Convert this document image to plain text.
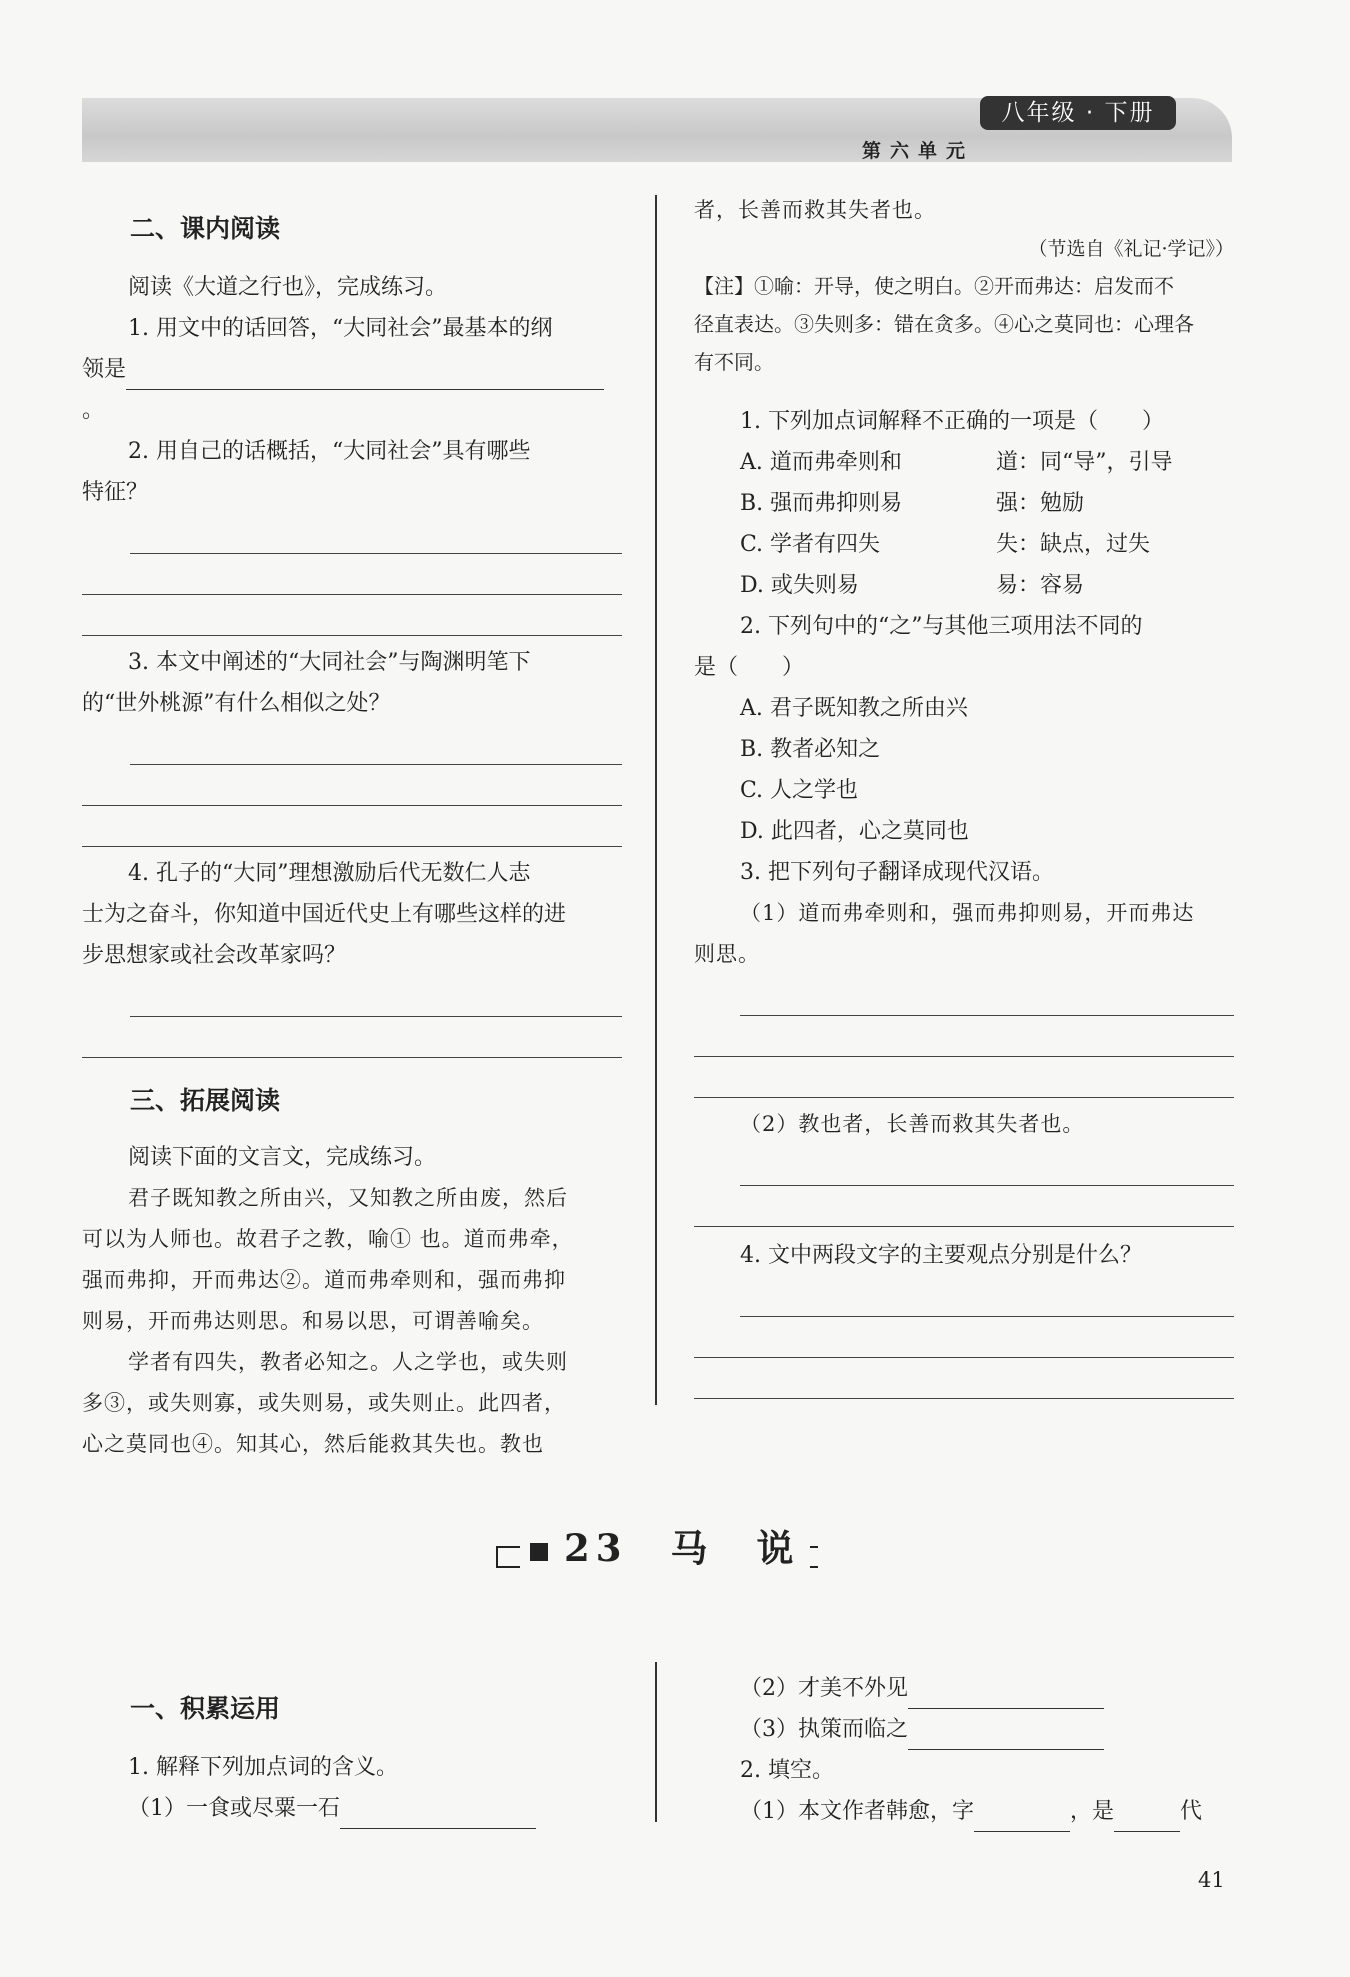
八年级 · 下册
第六单元

二、课内阅读

阅读《大道之行也》，完成练习。

1. 用文中的话回答，“大同社会”最基本的纲

领是。

2. 用自己的话概括，“大同社会”具有哪些

特征？

3. 本文中阐述的“大同社会”与陶渊明笔下

的“世外桃源”有什么相似之处？

4. 孔子的“大同”理想激励后代无数仁人志

士为之奋斗，你知道中国近代史上有哪些这样的进

步思想家或社会改革家吗？

三、拓展阅读

阅读下面的文言文，完成练习。

君子既知教之所由兴，又知教之所由废，然后

可以为人师也。故君子之教，喻① 也。道而弗牵，

强而弗抑，开而弗达②。道而弗牵则和，强而弗抑

则易，开而弗达则思。和易以思，可谓善喻矣。

学者有四失，教者必知之。人之学也，或失则

多③，或失则寡，或失则易，或失则止。此四者，

心之莫同也④。知其心，然后能救其失也。教也

者，长善而救其失者也。

（节选自《礼记·学记》）

【注】①喻：开导，使之明白。②开而弗达：启发而不

径直表达。③失则多：错在贪多。④心之莫同也：心理各

有不同。

1. 下列加点词解释不正确的一项是（　　）

A. 道而弗牵则和	道：同“导”，引导
B. 强而弗抑则易	强：勉励
C. 学者有四失	失：缺点，过失
D. 或失则易	易：容易

2. 下列句中的“之”与其他三项用法不同的

是（　　）

A. 君子既知教之所由兴

B. 教者必知之

C. 人之学也

D. 此四者，心之莫同也

3. 把下列句子翻译成现代汉语。

（1）道而弗牵则和，强而弗抑则易，开而弗达

则思。

（2）教也者，长善而救其失者也。

4. 文中两段文字的主要观点分别是什么？

23　 马　说

一、积累运用

1. 解释下列加点词的含义。

（1）一食或尽粟一石

（2）才美不外见

（3）执策而临之

2. 填空。

（1）本文作者韩愈，字	，是	代

41
